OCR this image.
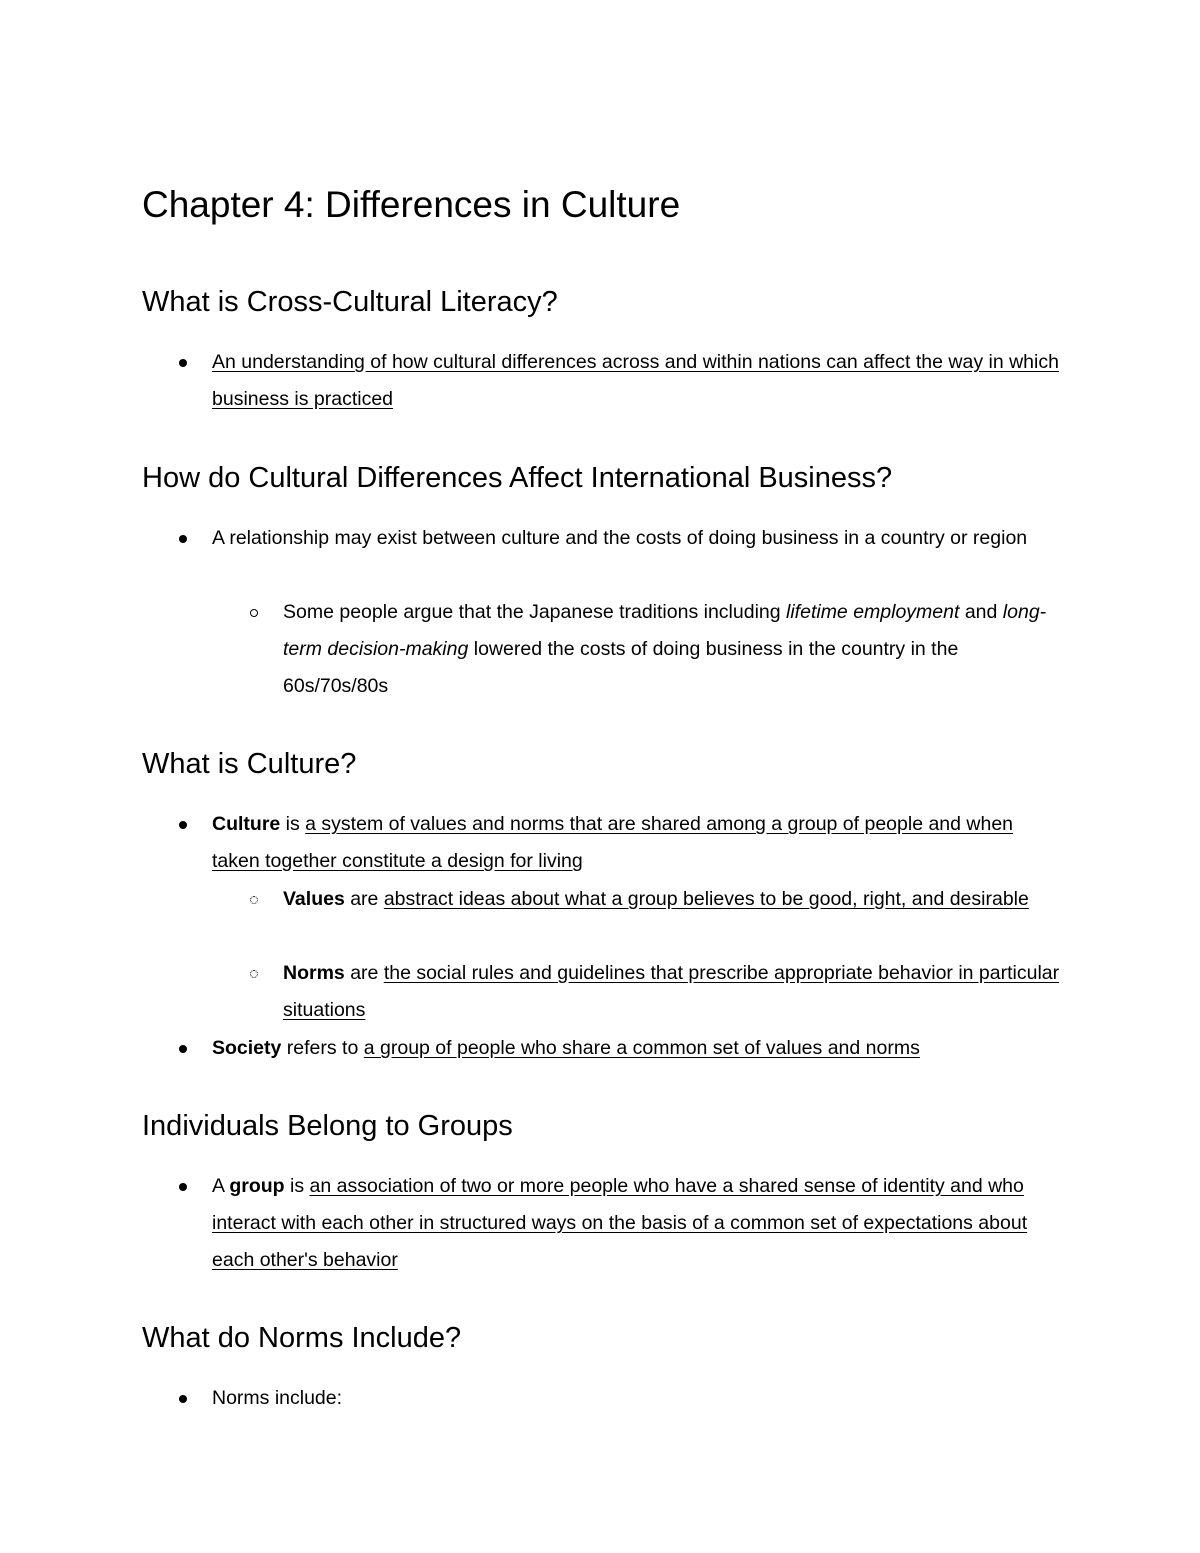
Chapter 4: Differences in Culture
What is Cross-Cultural Literacy?
An understanding of how cultural differences across and within nations can affect the way in which business is practiced
How do Cultural Differences Affect International Business?
A relationship may exist between culture and the costs of doing business in a country or region
Some people argue that the Japanese traditions including lifetime employment and long-term decision-making lowered the costs of doing business in the country in the 60s/70s/80s
What is Culture?
Culture is a system of values and norms that are shared among a group of people and when taken together constitute a design for living
Values are abstract ideas about what a group believes to be good, right, and desirable
Norms are the social rules and guidelines that prescribe appropriate behavior in particular situations
Society refers to a group of people who share a common set of values and norms
Individuals Belong to Groups
A group is an association of two or more people who have a shared sense of identity and who interact with each other in structured ways on the basis of a common set of expectations about each other's behavior
What do Norms Include?
Norms include:
